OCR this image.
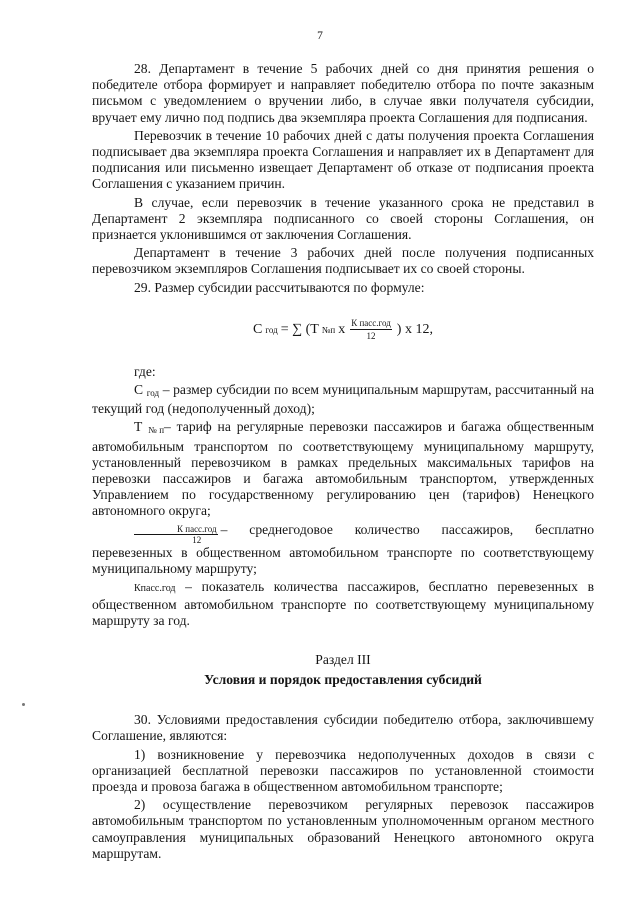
7

28. Департамент в течение 5 рабочих дней со дня принятия решения о победителе отбора формирует и направляет победителю отбора по почте заказным письмом с уведомлением о вручении либо, в случае явки получателя субсидии, вручает ему лично под подпись два экземпляра проекта Соглашения для подписания.

Перевозчик в течение 10 рабочих дней с даты получения проекта Соглашения подписывает два экземпляра проекта Соглашения и направляет их в Департамент для подписания или письменно извещает Департамент об отказе от подписания проекта Соглашения с указанием причин.

В случае, если перевозчик в течение указанного срока не представил в Департамент 2 экземпляра подписанного со своей стороны Соглашения, он признается уклонившимся от заключения Соглашения.

Департамент в течение 3 рабочих дней после получения подписанных перевозчиком экземпляров Соглашения подписывает их со своей стороны.

29. Размер субсидии рассчитываются по формуле:

С год = ∑ (Т №п x $\frac{\text{К пасс.год}}{12}$ ) x 12,

где:

С $_{год}$ – размер субсидии по всем муниципальным маршрутам, рассчитанный на текущий год (недополученный доход);

Т $_{№п}$– тариф на регулярные перевозки пассажиров и багажа общественным автомобильным транспортом по соответствующему муниципальному маршруту, установленный перевозчиком в рамках предельных максимальных тарифов на перевозки пассажиров и багажа автомобильным транспортом, утвержденных Управлением по государственному регулированию цен (тарифов) Ненецкого автономного округа;

$\frac{\text{К пасс.год}}{12}$ – среднегодовое количество пассажиров, бесплатно перевезенных в общественном автомобильном транспорте по соответствующему муниципальному маршруту;

Кпасс.год – показатель количества пассажиров, бесплатно перевезенных в общественном автомобильном транспорте по соответствующему муниципальному маршруту за год.

Раздел III
Условия и порядок предоставления субсидий

30. Условиями предоставления субсидии победителю отбора, заключившему Соглашение, являются:

1) возникновение у перевозчика недополученных доходов в связи с организацией бесплатной перевозки пассажиров по установленной стоимости проезда и провоза багажа в общественном автомобильном транспорте;

2) осуществление перевозчиком регулярных перевозок пассажиров автомобильным транспортом по установленным уполномоченным органом местного самоуправления муниципальных образований Ненецкого автономного округа маршрутам.
